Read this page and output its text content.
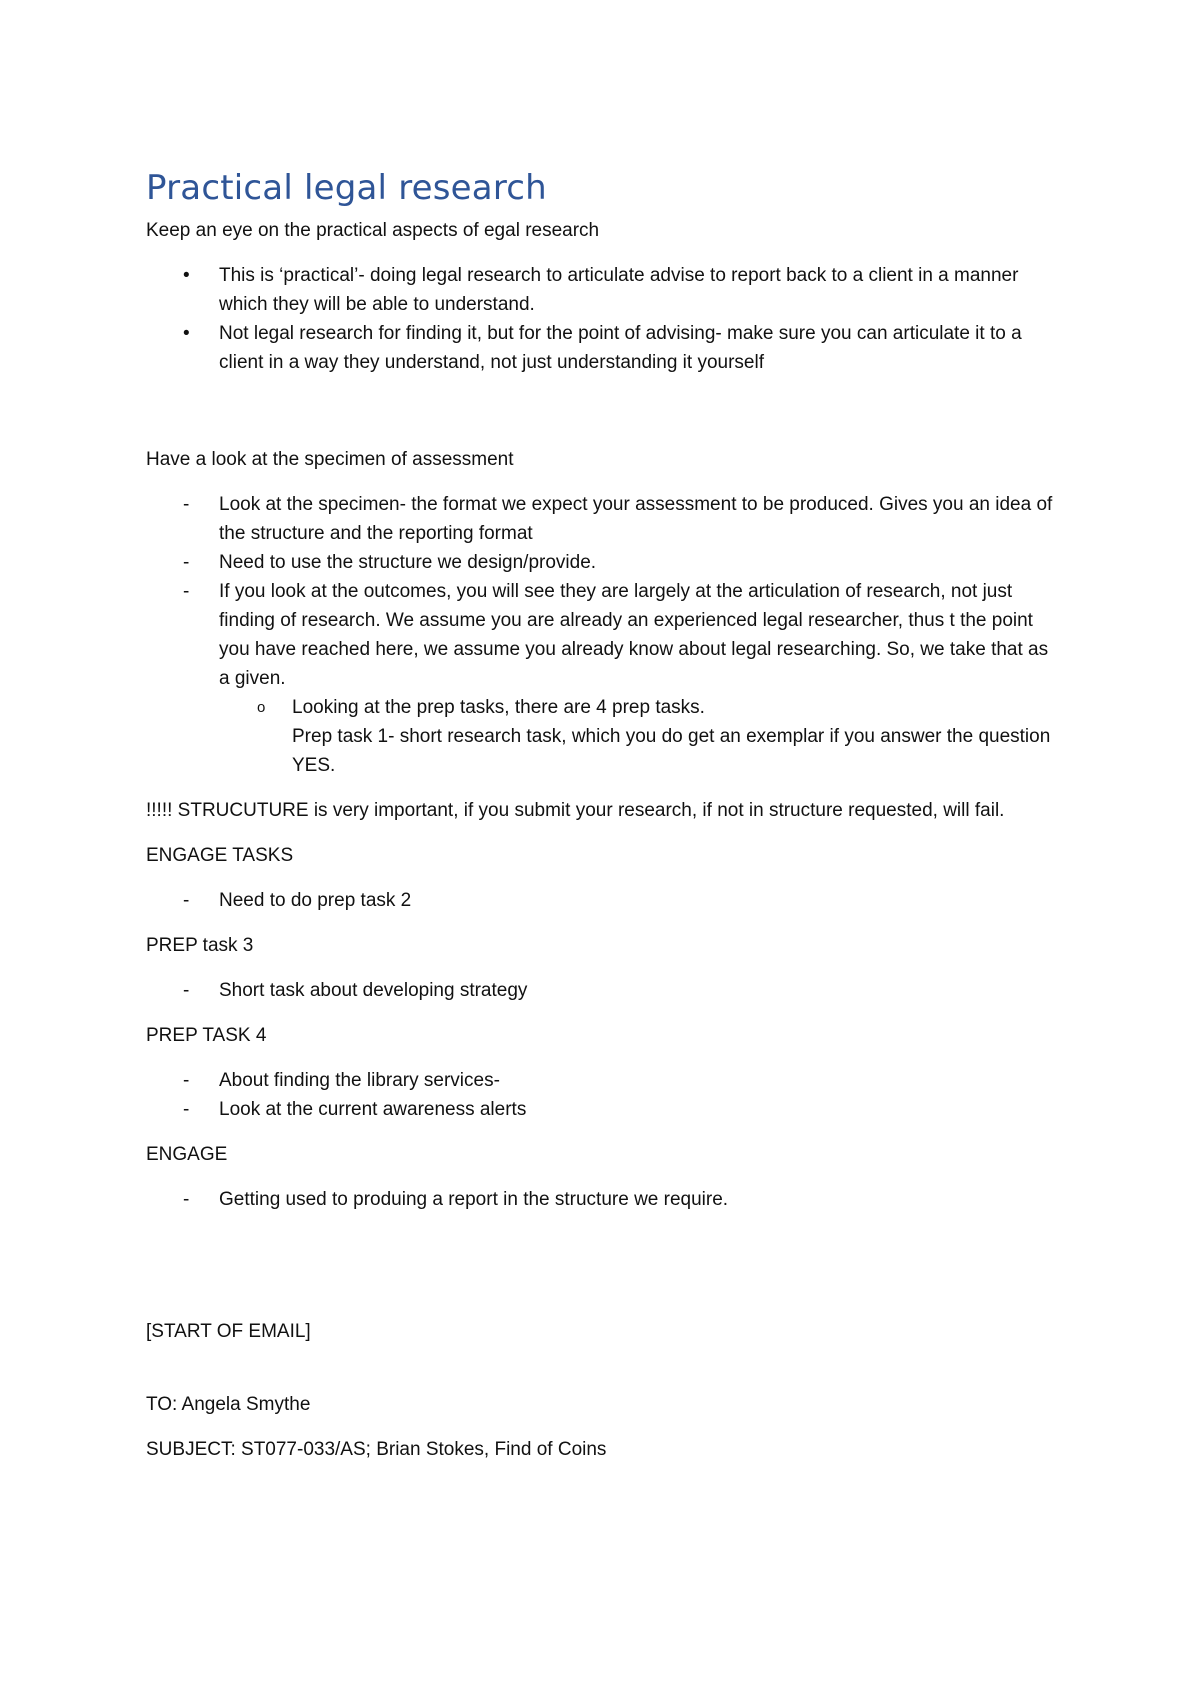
Practical legal research

Keep an eye on the practical aspects of egal research

• This is ‘practical’- doing legal research to articulate advise to report back to a client in a manner which they will be able to understand.
• Not legal research for finding it, but for the point of advising- make sure you can articulate it to a client in a way they understand, not just understanding it yourself

Have a look at the specimen of assessment

- Look at the specimen- the format we expect your assessment to be produced. Gives you an idea of the structure and the reporting format
- Need to use the structure we design/provide.
- If you look at the outcomes, you will see they are largely at the articulation of research, not just finding of research. We assume you are already an experienced legal researcher, thus t the point you have reached here, we assume you already know about legal researching. So, we take that as a given.
o Looking at the prep tasks, there are 4 prep tasks.
Prep task 1- short research task, which you do get an exemplar if you answer the question YES.

!!!!! STRUCUTURE is very important, if you submit your research, if not in structure requested, will fail.

ENGAGE TASKS

- Need to do prep task 2

PREP task 3

- Short task about developing strategy

PREP TASK 4

- About finding the library services-
- Look at the current awareness alerts

ENGAGE

- Getting used to produing a report in the structure we require.

[START OF EMAIL]

TO: Angela Smythe

SUBJECT: ST077-033/AS; Brian Stokes, Find of Coins
